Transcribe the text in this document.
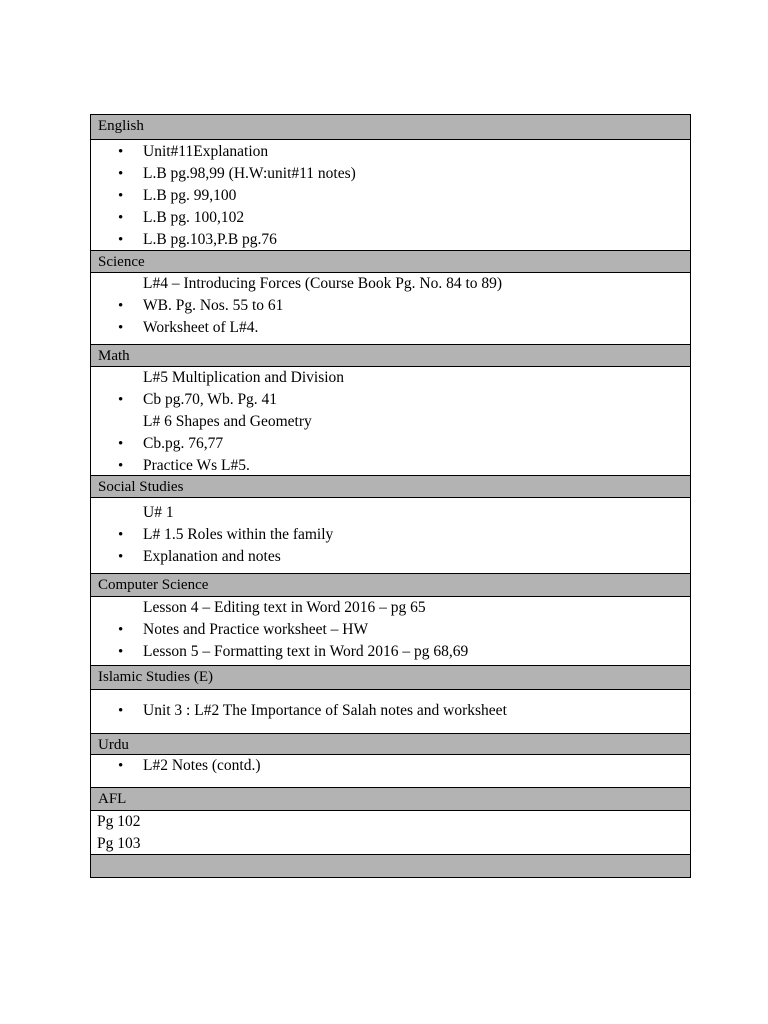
English
• Unit#11Explanation
• L.B pg.98,99 (H.W:unit#11 notes)
• L.B pg. 99,100
• L.B pg. 100,102
• L.B pg.103,P.B pg.76
Science
L#4 – Introducing Forces (Course Book Pg. No. 84 to 89)
• WB. Pg. Nos. 55 to 61
• Worksheet of L#4.
Math
L#5 Multiplication and Division
• Cb pg.70, Wb. Pg. 41
L# 6 Shapes and Geometry
• Cb.pg. 76,77
• Practice Ws L#5.
Social Studies
U# 1
• L# 1.5 Roles within the family
• Explanation and notes
Computer Science
Lesson 4 – Editing text in Word 2016 – pg 65
• Notes and Practice worksheet – HW
• Lesson 5 – Formatting text in Word 2016 – pg 68,69
Islamic Studies (E)
• Unit 3 : L#2 The Importance of Salah notes and worksheet
Urdu
• L#2 Notes (contd.)
AFL
Pg 102
Pg 103
